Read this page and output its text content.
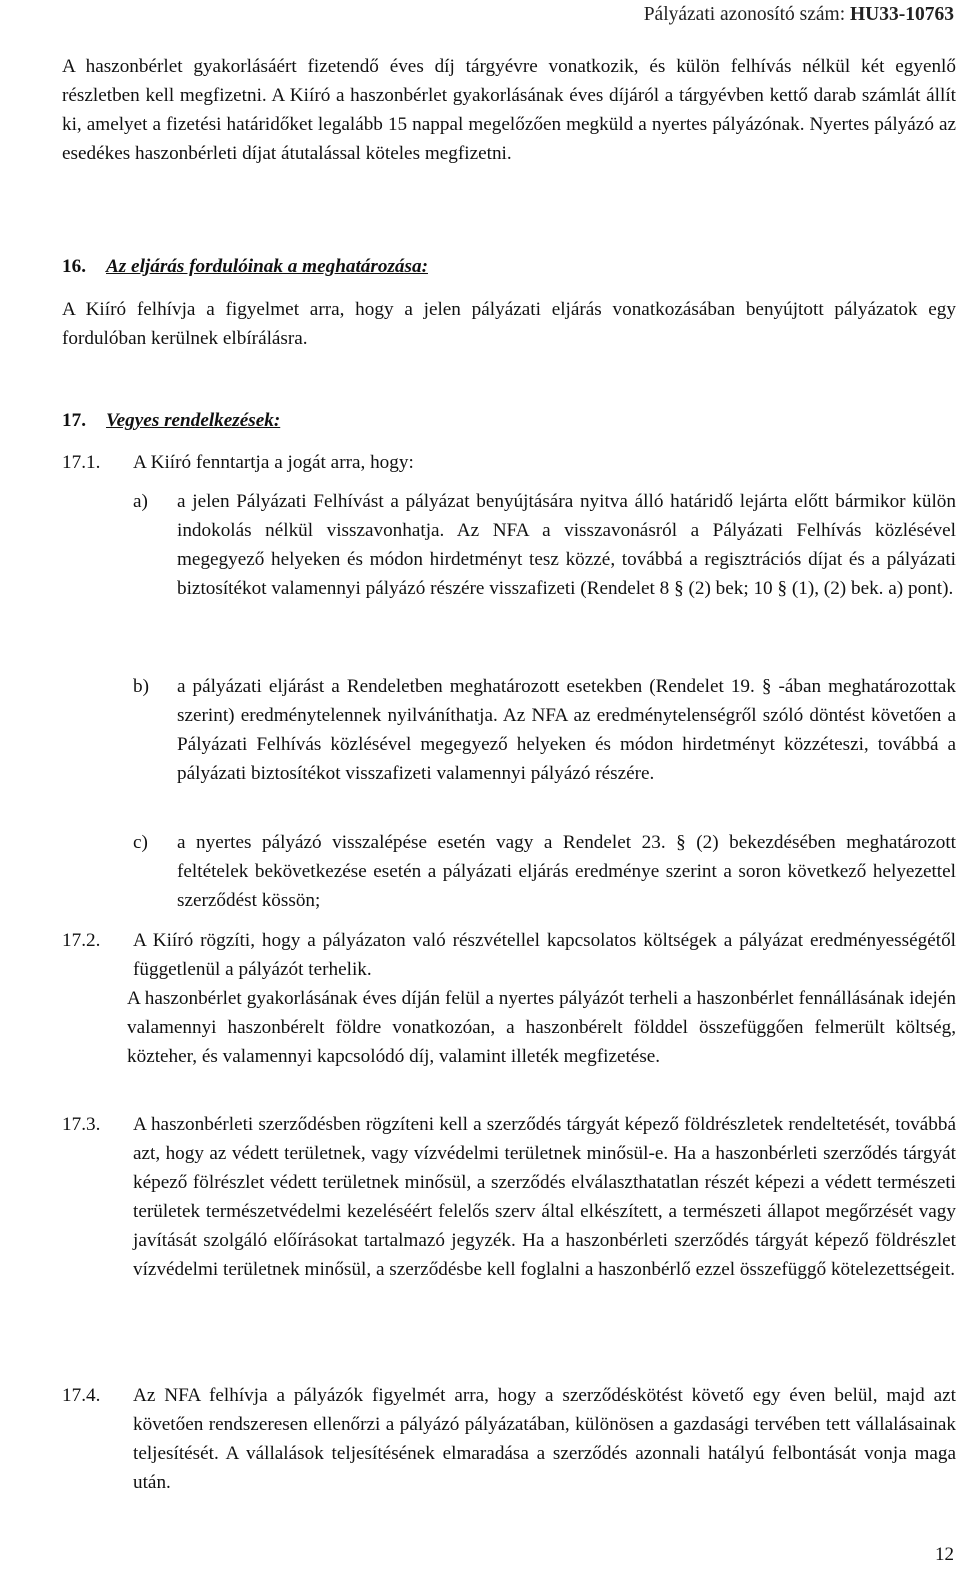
Pályázati azonosító szám: HU33-10763

A haszonbérlet gyakorlásáért fizetendő éves díj tárgyévre vonatkozik, és külön felhívás nélkül két egyenlő részletben kell megfizetni. A Kiíró a haszonbérlet gyakorlásának éves díjáról a tárgyévben kettő darab számlát állít ki, amelyet a fizetési határidőket legalább 15 nappal megelőzően megküld a nyertes pályázónak. Nyertes pályázó az esedékes haszonbérleti díjat átutalással köteles megfizetni.

16. Az eljárás fordulóinak a meghatározása:

A Kiíró felhívja a figyelmet arra, hogy a jelen pályázati eljárás vonatkozásában benyújtott pályázatok egy fordulóban kerülnek elbírálásra.

17. Vegyes rendelkezések:
17.1. A Kiíró fenntartja a jogát arra, hogy:

a) a jelen Pályázati Felhívást a pályázat benyújtására nyitva álló határidő lejárta előtt bármikor külön indokolás nélkül visszavonhatja. Az NFA a visszavonásról a Pályázati Felhívás közlésével megegyező helyeken és módon hirdetményt tesz közzé, továbbá a regisztrációs díjat és a pályázati biztosítékot valamennyi pályázó részére visszafizeti (Rendelet 8 § (2) bek; 10 § (1), (2) bek. a) pont).

b) a pályázati eljárást a Rendeletben meghatározott esetekben (Rendelet 19. § -ában meghatározottak szerint) eredménytelennek nyilváníthatja. Az NFA az eredménytelenségről szóló döntést követően a Pályázati Felhívás közlésével megegyező helyeken és módon hirdetményt közzéteszi, továbbá a pályázati biztosítékot visszafizeti valamennyi pályázó részére.

c) a nyertes pályázó visszalépése esetén vagy a Rendelet 23. § (2) bekezdésében meghatározott feltételek bekövetkezése esetén a pályázati eljárás eredménye szerint a soron következő helyezettel szerződést kössön;

17.2. A Kiíró rögzíti, hogy a pályázaton való részvétellel kapcsolatos költségek a pályázat eredményességétől függetlenül a pályázót terhelik.

A haszonbérlet gyakorlásának éves díján felül a nyertes pályázót terheli a haszonbérlet fennállásának idején valamennyi haszonbérelt földre vonatkozóan, a haszonbérelt földdel összefüggően felmerült költség, közteher, és valamennyi kapcsolódó díj, valamint illeték megfizetése.

17.3. A haszonbérleti szerződésben rögzíteni kell a szerződés tárgyát képező földrészletek rendeltetését, továbbá azt, hogy az védett területnek, vagy vízvédelmi területnek minősül-e. Ha a haszonbérleti szerződés tárgyát képező fölrészlet védett területnek minősül, a szerződés elválaszthatatlan részét képezi a védett természeti területek természetvédelmi kezeléséért felelős szerv által elkészített, a természeti állapot megőrzését vagy javítását szolgáló előírásokat tartalmazó jegyzék. Ha a haszonbérleti szerződés tárgyát képező földrészlet vízvédelmi területnek minősül, a szerződésbe kell foglalni a haszonbérlő ezzel összefüggő kötelezettségeit.

17.4. Az NFA felhívja a pályázók figyelmét arra, hogy a szerződéskötést követő egy éven belül, majd azt követően rendszeresen ellenőrzi a pályázó pályázatában, különösen a gazdasági tervében tett vállalásainak teljesítését. A vállalások teljesítésének elmaradása a szerződés azonnali hatályú felbontását vonja maga után.

12
